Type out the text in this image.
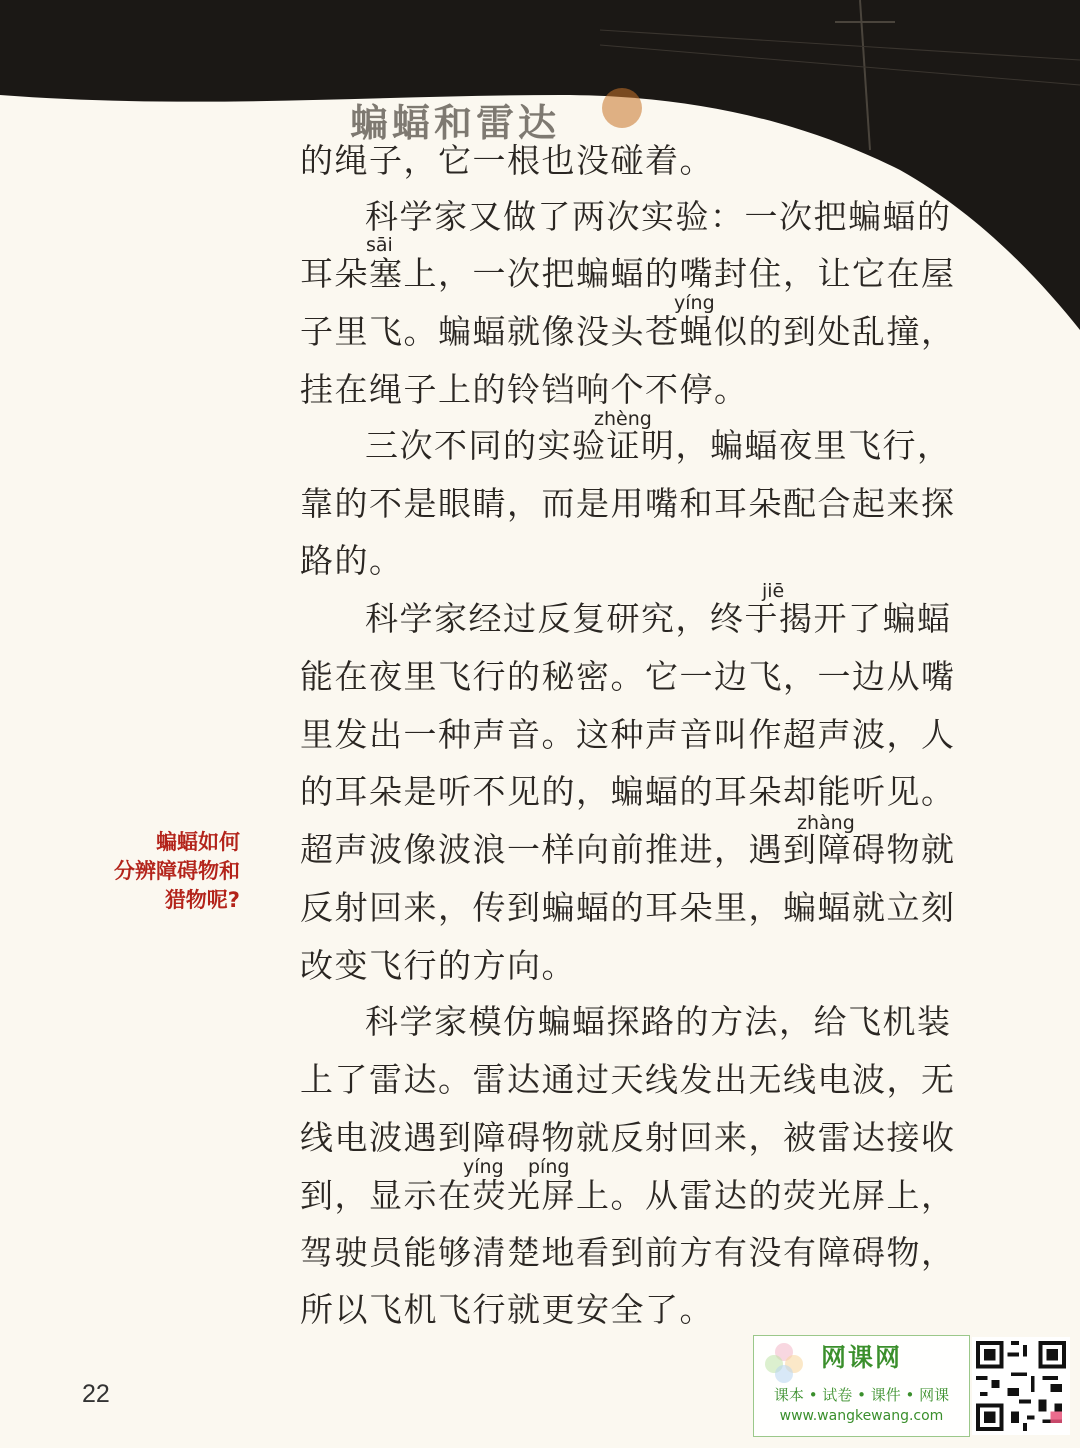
蝙蝠和雷达
sāi
yíng
zhèng
jiē
zhàng
yíng píng
的绳子，它一根也没碰着。
科学家又做了两次实验：一次把蝙蝠的
耳朵塞上，一次把蝙蝠的嘴封住，让它在屋
子里飞。蝙蝠就像没头苍蝇似的到处乱撞，
挂在绳子上的铃铛响个不停。
三次不同的实验证明，蝙蝠夜里飞行，
靠的不是眼睛，而是用嘴和耳朵配合起来探
路的。
科学家经过反复研究，终于揭开了蝙蝠
能在夜里飞行的秘密。它一边飞，一边从嘴
里发出一种声音。这种声音叫作超声波，人
的耳朵是听不见的，蝙蝠的耳朵却能听见。
超声波像波浪一样向前推进，遇到障碍物就
反射回来，传到蝙蝠的耳朵里，蝙蝠就立刻
改变飞行的方向。
科学家模仿蝙蝠探路的方法，给飞机装
上了雷达。雷达通过天线发出无线电波，无
线电波遇到障碍物就反射回来，被雷达接收
到，显示在荧光屏上。从雷达的荧光屏上，
驾驶员能够清楚地看到前方有没有障碍物，
所以飞机飞行就更安全了。
蝙蝠如何
分辨障碍物和
猎物呢?
22
网课网
课本 • 试卷 • 课件 • 网课
www.wangkewang.com
